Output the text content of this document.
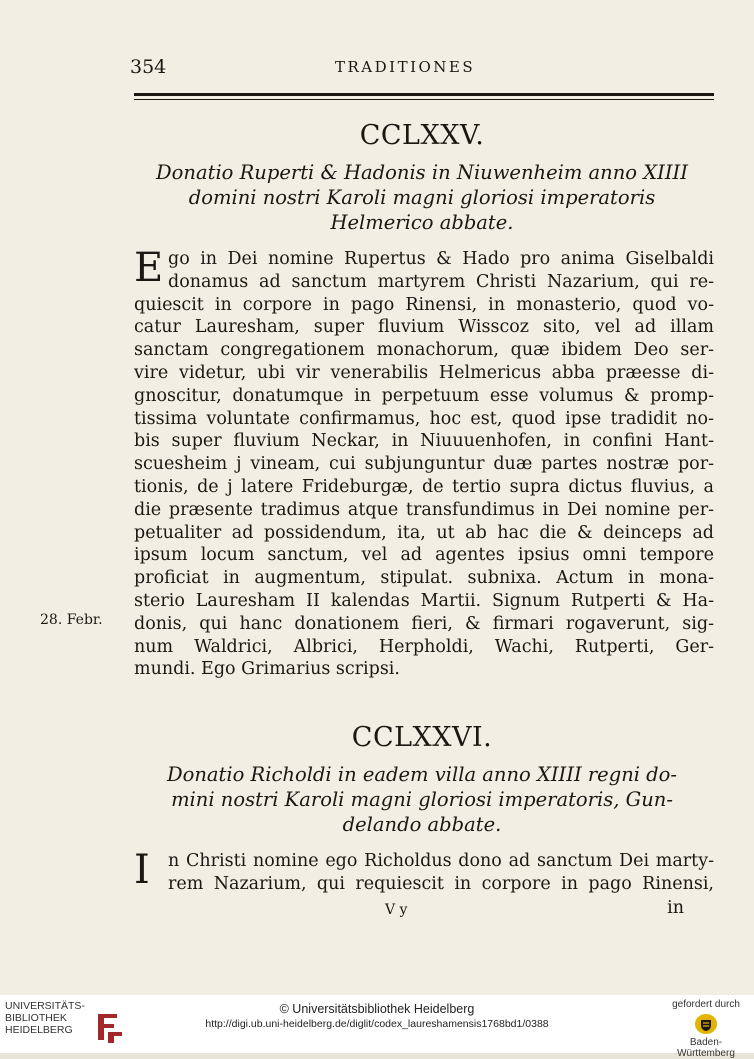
354	TRADITIONES
CCLXXV.
Donatio Ruperti & Hadonis in Niuwenheim anno XIIII
domini nostri Karoli magni gloriosi imperatoris
Helmerico abbate.
E go in Dei nomine Rupertus & Hado pro anima Giselbaldi
donamus ad sanctum martyrem Christi Nazarium, qui re-
quiescit in corpore in pago Rinensi, in monasterio, quod vo-
catur Lauresham, super fluvium Wisscoz sito, vel ad illam
sanctam congregationem monachorum, quæ ibidem Deo ser-
vire videtur, ubi vir venerabilis Helmericus abba præesse di-
gnoscitur, donatumque in perpetuum esse volumus & promp-
tissima voluntate confirmamus, hoc est, quod ipse tradidit no-
bis super fluvium Neckar, in Niuuuenhofen, in confini Hant-
scuesheim j vineam, cui subjunguntur duæ partes nostræ por-
tionis, de j latere Frideburgæ, de tertio supra dictus fluvius, a
die præsente tradimus atque transfundimus in Dei nomine per-
petualiter ad possidendum, ita, ut ab hac die & deinceps ad
ipsum locum sanctum, vel ad agentes ipsius omni tempore
proficiat in augmentum, stipulat. subnixa. Actum in mona-
sterio Lauresham II kalendas Martii. Signum Rutperti & Ha-
donis, qui hanc donationem fieri, & firmari rogaverunt, sig-
num Waldrici, Albrici, Herpholdi, Wachi, Rutperti, Ger-
mundi. Ego Grimarius scripsi.
28. Febr.
CCLXXVI.
Donatio Richoldi in eadem villa anno XIIII regni do-
mini nostri Karoli magni gloriosi imperatoris, Gun-
delando abbate.
I	n Christi nomine ego Richoldus dono ad sanctum Dei marty-
rem Nazarium, qui requiescit in corpore in pago Rinensi,
V y	in
UNIVERSITÄTS-
BIBLIOTHEK
HEIDELBERG
© Universitätsbibliothek Heidelberg
http://digi.ub.uni-heidelberg.de/diglit/codex_laureshamensis1768bd1/0388
gefordert durch
Baden-Württemberg
